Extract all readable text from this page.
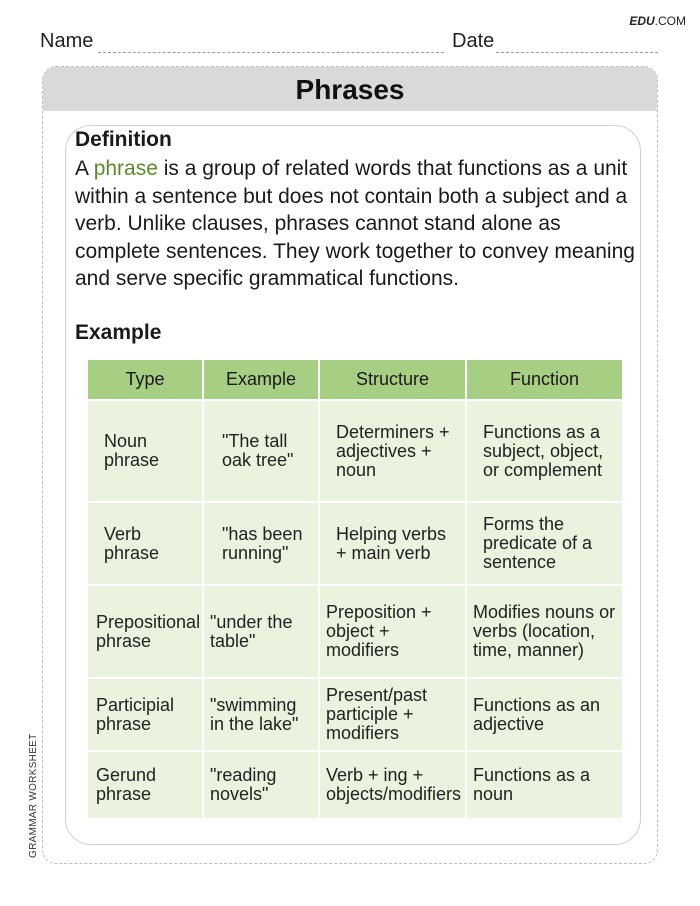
EDU.COM
Name	Date
Phrases
Definition
A phrase is a group of related words that functions as a unit within a sentence but does not contain both a subject and a verb. Unlike clauses, phrases cannot stand alone as complete sentences. They work together to convey meaning and serve specific grammatical functions.
Example
Type	Example	Structure	Function
Noun phrase	"The tall oak tree"	Determiners + adjectives + noun	Functions as a subject, object, or complement
Verb phrase	"has been running"	Helping verbs + main verb	Forms the predicate of a sentence
Prepositional phrase	"under the table"	Preposition + object + modifiers	Modifies nouns or verbs (location, time, manner)
Participial phrase	"swimming in the lake"	Present/past participle + modifiers	Functions as an adjective
Gerund phrase	"reading novels"	Verb + ing + objects/modifiers	Functions as a noun
GRAMMAR WORKSHEET
